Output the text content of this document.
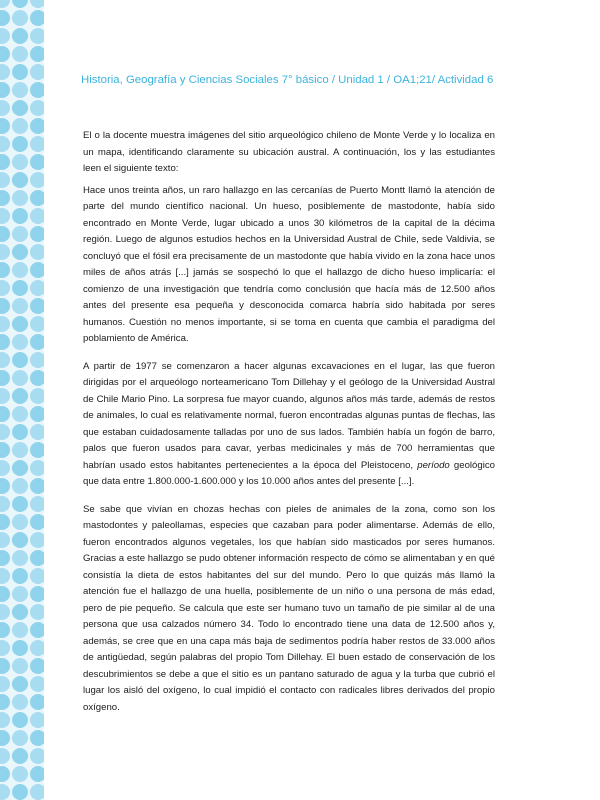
Historia, Geografía y Ciencias Sociales 7° básico / Unidad 1 / OA1;21/ Actividad 6

El o la docente muestra imágenes del sitio arqueológico chileno de Monte Verde y lo localiza en un mapa, identificando claramente su ubicación austral. A continuación, los y las estudiantes leen el siguiente texto:

Hace unos treinta años, un raro hallazgo en las cercanías de Puerto Montt llamó la atención de parte del mundo científico nacional. Un hueso, posiblemente de mastodonte, había sido encontrado en Monte Verde, lugar ubicado a unos 30 kilómetros de la capital de la décima región. Luego de algunos estudios hechos en la Universidad Austral de Chile, sede Valdivia, se concluyó que el fósil era precisamente de un mastodonte que había vivido en la zona hace unos miles de años atrás [...] jamás se sospechó lo que el hallazgo de dicho hueso implicaría: el comienzo de una investigación que tendría como conclusión que hacía más de 12.500 años antes del presente esa pequeña y desconocida comarca habría sido habitada por seres humanos. Cuestión no menos importante, si se toma en cuenta que cambia el paradigma del poblamiento de América.

A partir de 1977 se comenzaron a hacer algunas excavaciones en el lugar, las que fueron dirigidas por el arqueólogo norteamericano Tom Dillehay y el geólogo de la Universidad Austral de Chile Mario Pino. La sorpresa fue mayor cuando, algunos años más tarde, además de restos de animales, lo cual es relativamente normal, fueron encontradas algunas puntas de flechas, las que estaban cuidadosamente talladas por uno de sus lados. También había un fogón de barro, palos que fueron usados para cavar, yerbas medicinales y más de 700 herramientas que habrían usado estos habitantes pertenecientes a la época del Pleistoceno, período geológico que data entre 1.800.000-1.600.000 y los 10.000 años antes del presente [...].

Se sabe que vivían en chozas hechas con pieles de animales de la zona, como son los mastodontes y paleollamas, especies que cazaban para poder alimentarse. Además de ello, fueron encontrados algunos vegetales, los que habían sido masticados por seres humanos. Gracias a este hallazgo se pudo obtener información respecto de cómo se alimentaban y en qué consistía la dieta de estos habitantes del sur del mundo. Pero lo que quizás más llamó la atención fue el hallazgo de una huella, posiblemente de un niño o una persona de más edad, pero de pie pequeño. Se calcula que este ser humano tuvo un tamaño de pie similar al de una persona que usa calzados número 34. Todo lo encontrado tiene una data de 12.500 años y, además, se cree que en una capa más baja de sedimentos podría haber restos de 33.000 años de antigüedad, según palabras del propio Tom Dillehay. El buen estado de conservación de los descubrimientos se debe a que el sitio es un pantano saturado de agua y la turba que cubrió el lugar los aisló del oxígeno, lo cual impidió el contacto con radicales libres derivados del propio oxígeno.
